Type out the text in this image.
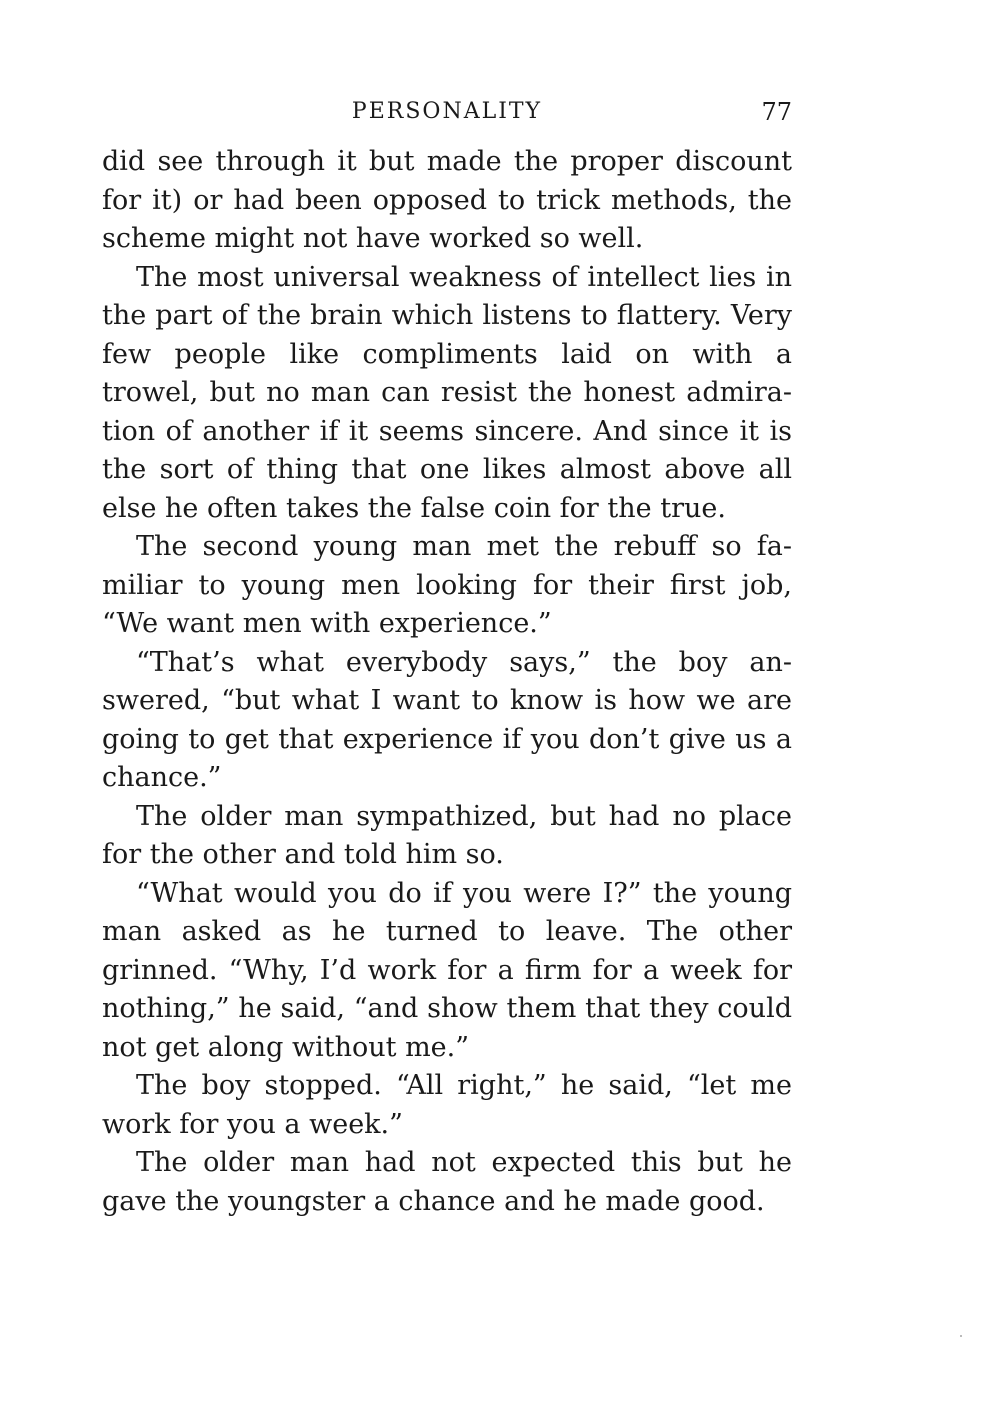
PERSONALITY	77

did see through it but made the proper discount for it) or had been opposed to trick methods, the scheme might not have worked so well.

The most universal weakness of intellect lies in the part of the brain which listens to flattery. Very few people like compliments laid on with a trowel, but no man can resist the honest admiration of another if it seems sincere. And since it is the sort of thing that one likes almost above all else he often takes the false coin for the true.

The second young man met the rebuff so familiar to young men looking for their first job, “We want men with experience.”

“That’s what everybody says,” the boy answered, “but what I want to know is how we are going to get that experience if you don’t give us a chance.”

The older man sympathized, but had no place for the other and told him so.

“What would you do if you were I?” the young man asked as he turned to leave. The other grinned. “Why, I’d work for a firm for a week for nothing,” he said, “and show them that they could not get along without me.”

The boy stopped. “All right,” he said, “let me work for you a week.”

The older man had not expected this but he gave the youngster a chance and he made good.
